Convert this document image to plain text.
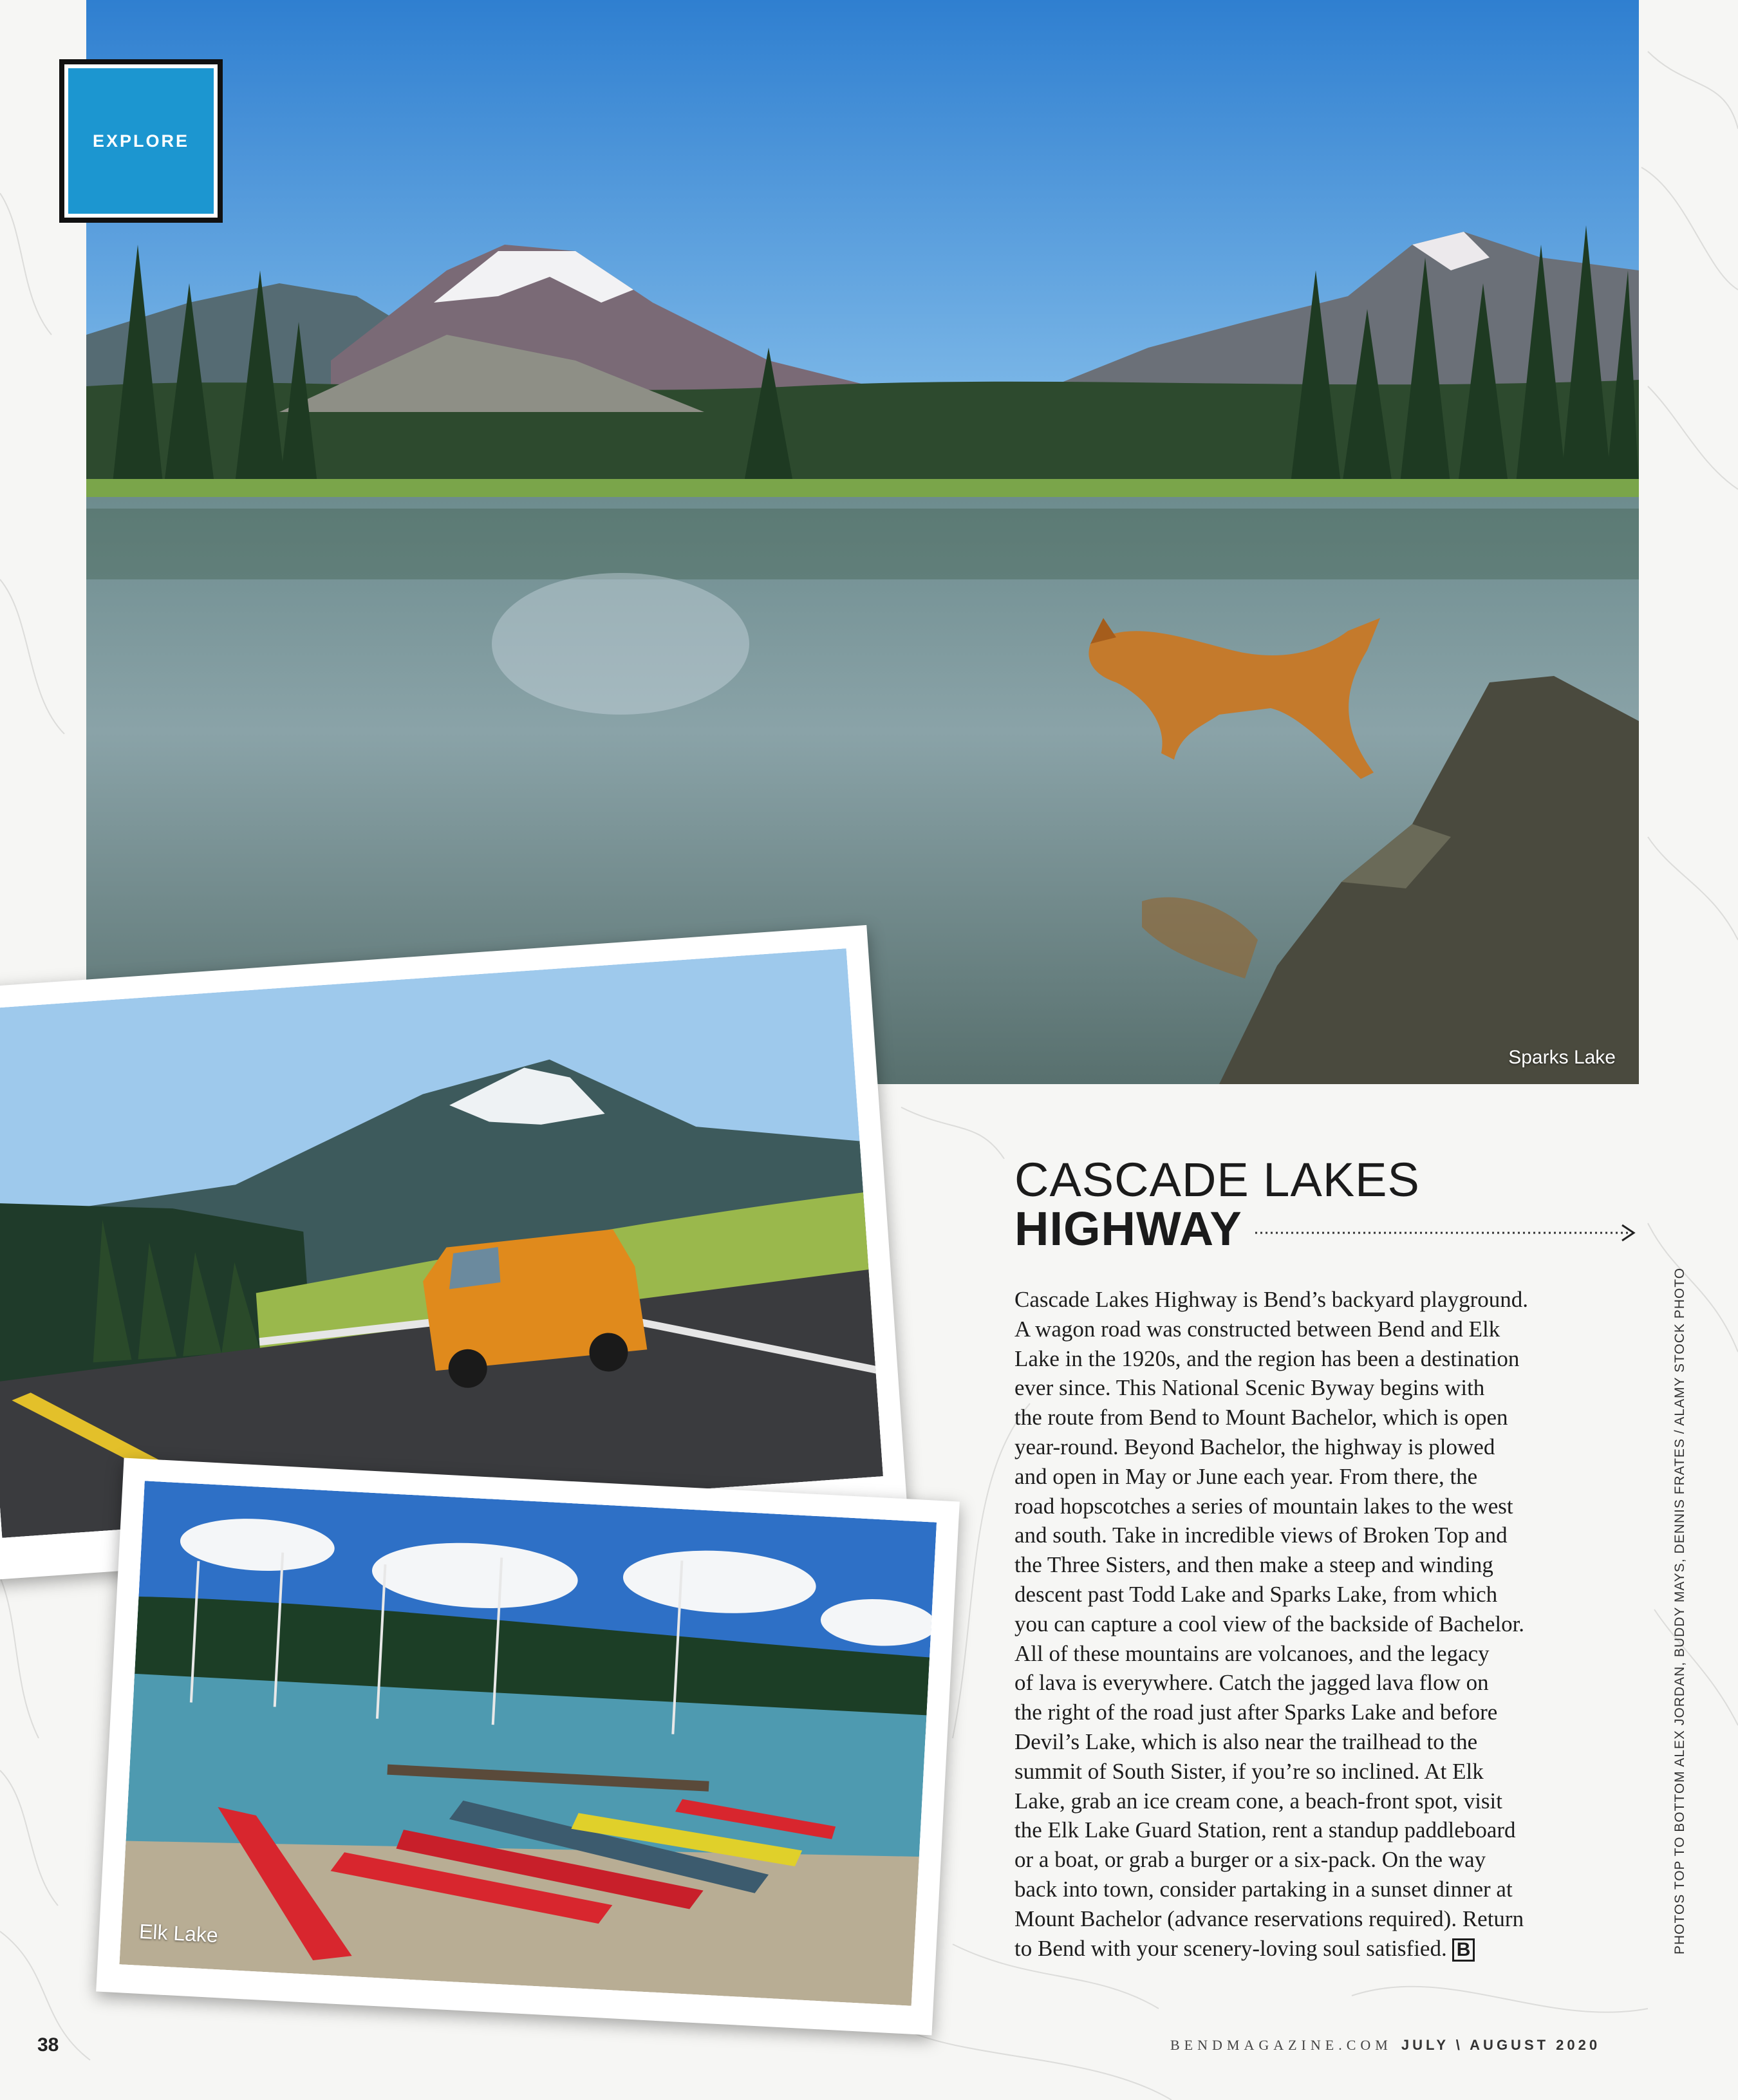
Sparks Lake
EXPLORE
Elk Lake
CASCADE LAKES
HIGHWAY
Cascade Lakes Highway is Bend’s backyard playground.
A wagon road was constructed between Bend and Elk
Lake in the 1920s, and the region has been a destination
ever since. This National Scenic Byway begins with
the route from Bend to Mount Bachelor, which is open
year-round. Beyond Bachelor, the highway is plowed
and open in May or June each year. From there, the
road hopscotches a series of mountain lakes to the west
and south. Take in incredible views of Broken Top and
the Three Sisters, and then make a steep and winding
descent past Todd Lake and Sparks Lake, from which
you can capture a cool view of the backside of Bachelor.
All of these mountains are volcanoes, and the legacy
of lava is everywhere. Catch the jagged lava flow on
the right of the road just after Sparks Lake and before
Devil’s Lake, which is also near the trailhead to the
summit of South Sister, if you’re so inclined. At Elk
Lake, grab an ice cream cone, a beach-front spot, visit
the Elk Lake Guard Station, rent a standup paddleboard
or a boat, or grab a burger or a six-pack. On the way
back into town, consider partaking in a sunset dinner at
Mount Bachelor (advance reservations required). Return
to Bend with your scenery-loving soul satisfied. B	PHOTOS TOP TO BOTTOM ALEX JORDAN, BUDDY MAYS, DENNIS FRATES / ALAMY STOCK PHOTO
38	BENDMAGAZINE.COM JULY \ AUGUST 2020
